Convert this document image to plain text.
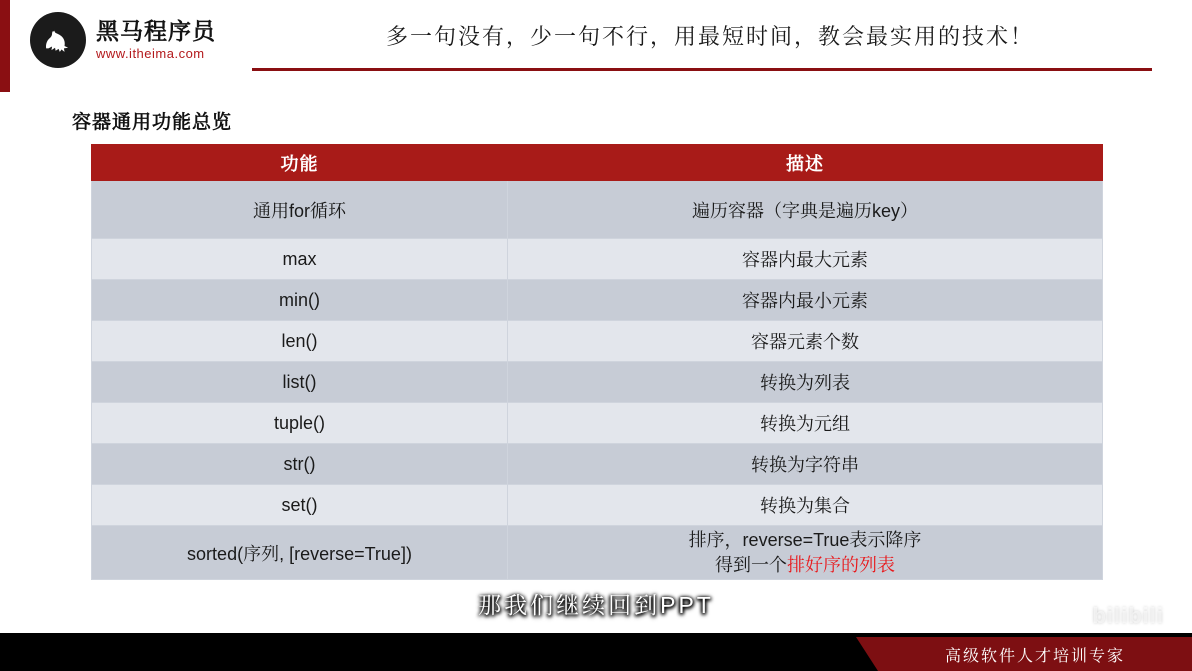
黑马程序员
www.itheima.com
多一句没有，少一句不行，用最短时间，教会最实用的技术！
容器通用功能总览
功能	描述
通用for循环	遍历容器（字典是遍历key）
max	容器内最大元素
min()	容器内最小元素
len()	容器元素个数
list()	转换为列表
tuple()	转换为元组
str()	转换为字符串
set()	转换为集合
sorted(序列, [reverse=True])	排序，reverse=True表示降序
得到一个排好序的列表
那我们继续回到PPT	bilibili
高级软件人才培训专家
